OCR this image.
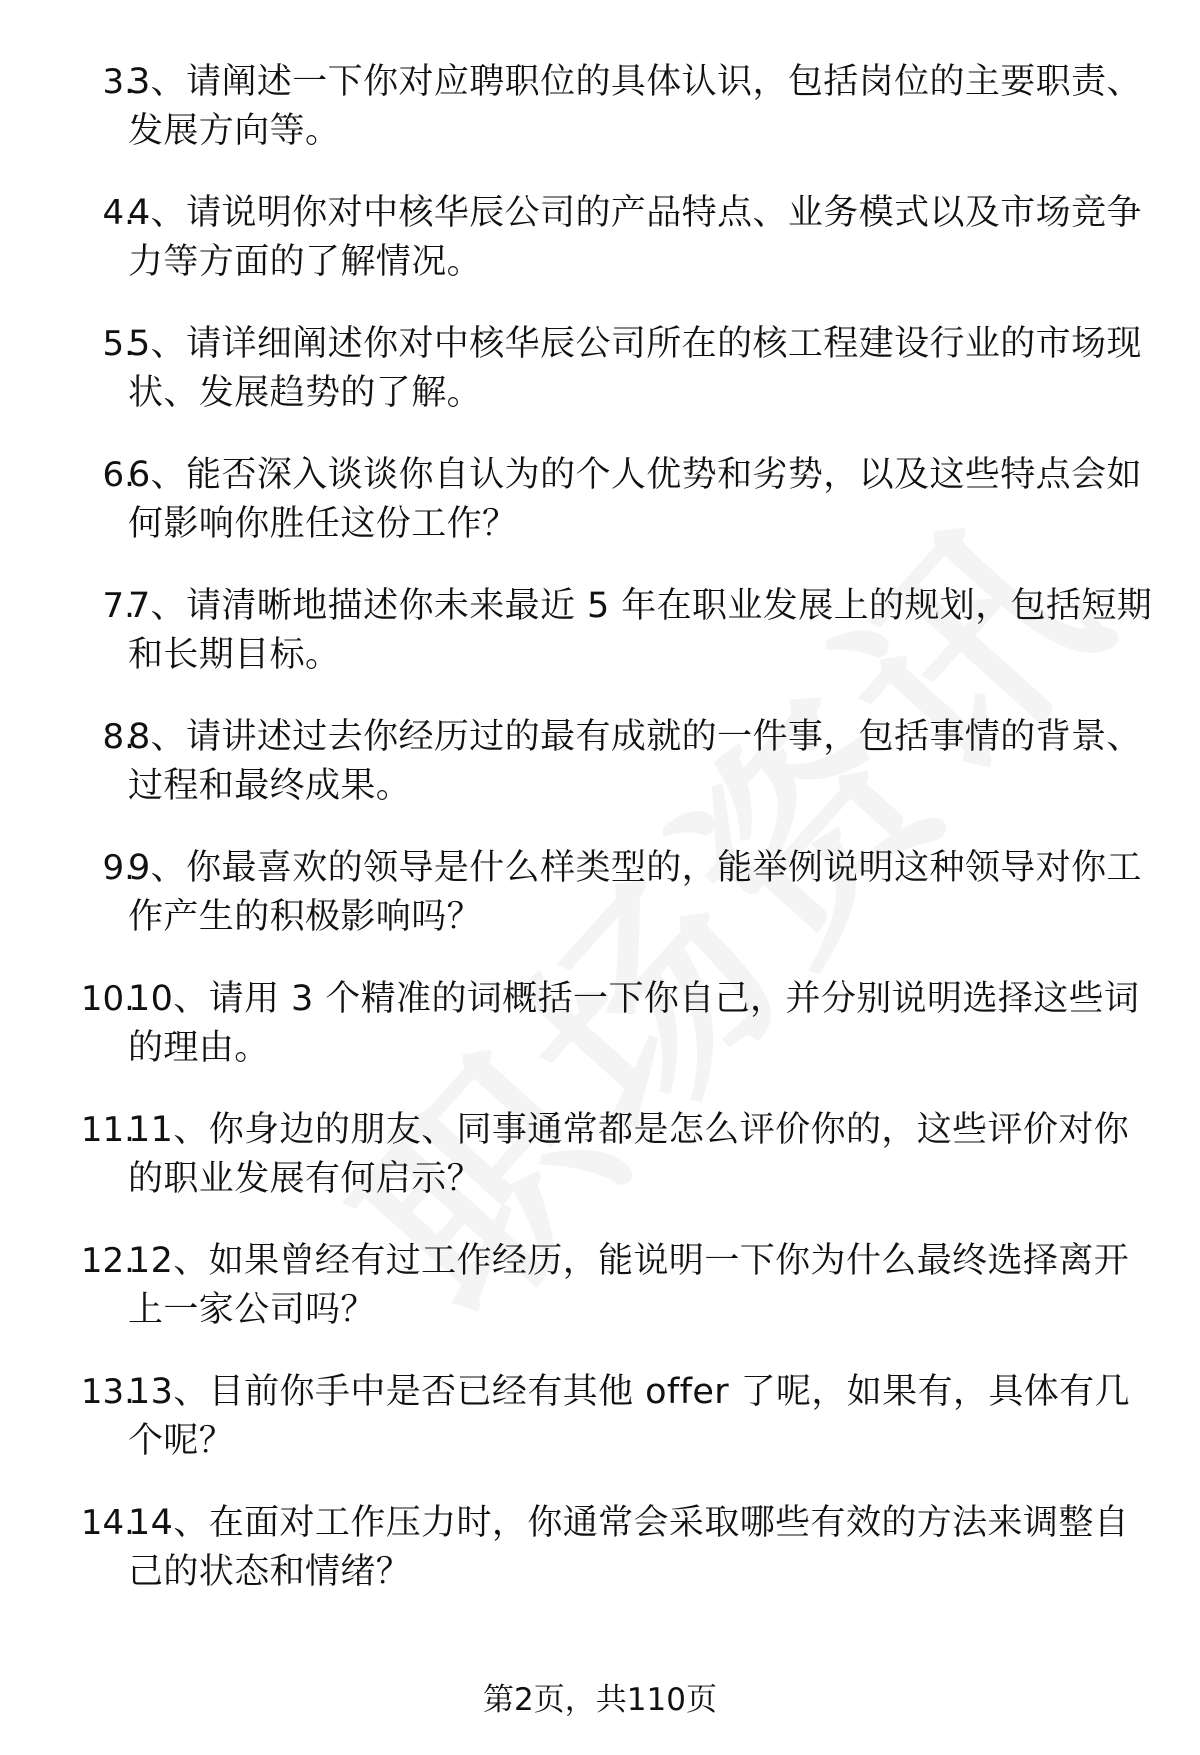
3.
3、请阐述一下你对应聘职位的具体认识，包括岗位的主要职责、发展方向等。
4.
4、请说明你对中核华辰公司的产品特点、业务模式以及市场竞争力等方面的了解情况。
5.
5、请详细阐述你对中核华辰公司所在的核工程建设行业的市场现状、发展趋势的了解。
6.
6、能否深入谈谈你自认为的个人优势和劣势，以及这些特点会如何影响你胜任这份工作？
7.
7、请清晰地描述你未来最近 5 年在职业发展上的规划，包括短期和长期目标。
8.
8、请讲述过去你经历过的最有成就的一件事，包括事情的背景、过程和最终成果。
9.
9、你最喜欢的领导是什么样类型的，能举例说明这种领导对你工作产生的积极影响吗？
10.
10、请用 3 个精准的词概括一下你自己，并分别说明选择这些词的理由。
11.
11、你身边的朋友、同事通常都是怎么评价你的，这些评价对你的职业发展有何启示？
12.
12、如果曾经有过工作经历，能说明一下你为什么最终选择离开上一家公司吗？
13.
13、目前你手中是否已经有其他 offer 了呢，如果有，具体有几个呢？
14.
14、在面对工作压力时，你通常会采取哪些有效的方法来调整自己的状态和情绪？
第2页，共110页
